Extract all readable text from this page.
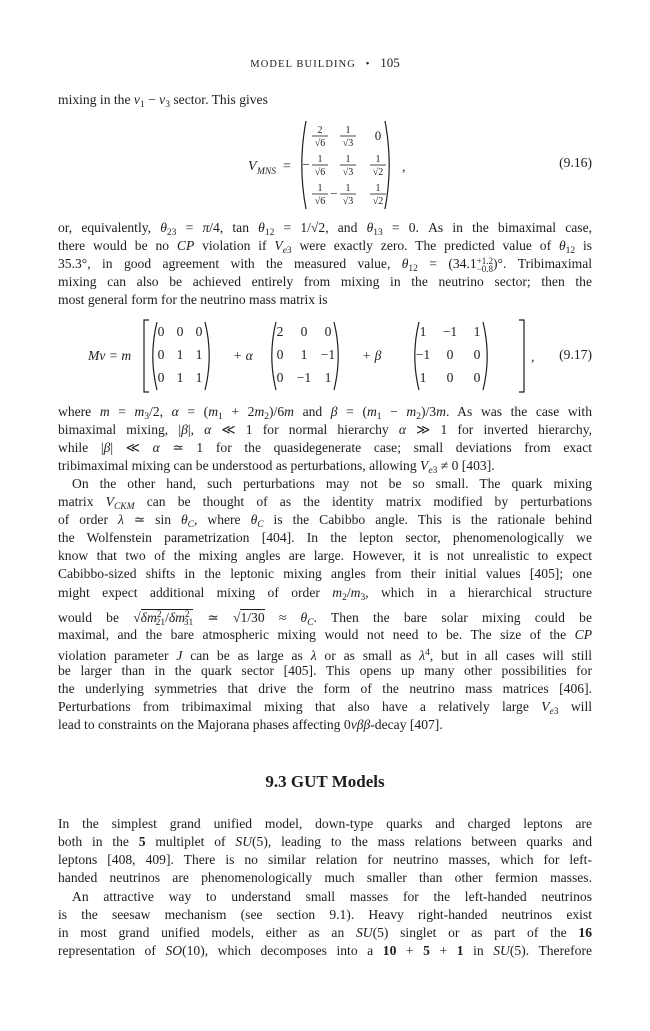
MODEL BUILDING • 105
mixing in the $\nu_1 - \nu_3$ sector. This gives
V MNS =	,
2
√6
1
√3
0
− 1
√6
1
√3
1
√2
1
√6
− 1
√3
1
√2
(9.16)
or, equivalently, $\theta_{23} = \pi/4$, $\tan \theta_{12} = 1/√2$, and $\theta_{13} = 0$. As in the bimaximal case,
there would be no CP violation if $V_{e3}$ were exactly zero. The predicted value of $\theta_{12}$ is
35.3°, in good agreement with the measured value, $\theta_{12} = (34.1+1.2$
−0.8)°. Tribimaximal
mixing can also be achieved entirely from mixing in the neutrino sector; then the
most general form for the neutrino mass matrix is
Mν = m	,
0 0 0
0 1 1
0 1 1
+ α
2 0 0
0 1 −1
0 −1 1
+ β
1 −1 1
−1 0 0
1 0 0
(9.17)
where $m = m_3/2$, $\alpha = (m_1 + 2m_2)/6m$ and $\beta = (m_1 - m_2)/3m$. As was the case with
bimaximal mixing, |β|, α ≪ 1 for normal hierarchy α ≫ 1 for inverted hierarchy,
while |β| ≪ α ≃ 1 for the quasidegenerate case; small deviations from exact
tribimaximal mixing can be understood as perturbations, allowing $V_{e3} \ne 0$ [403].
On the other hand, such perturbations may not be so small. The quark mixing
matrix $V_{CKM}$ can be thought of as the identity matrix modified by perturbations
of order λ ≃ $\sin \theta_C$, where $\theta_C$ is the Cabibbo angle. This is the rationale behind
the Wolfenstein parametrization [404]. In the lepton sector, phenomenologically we
know that two of the mixing angles are large. However, it is not unrealistic to expect
Cabibbo-sized shifts in the leptonic mixing angles from their initial values [405]; one
might expect additional mixing of order $m_2/m_3$, which in a hierarchical structure
would be $√\delta m^2_{21}/\delta m^2_{31}$ ≃ $√1/30 \approx \theta_C$. Then the bare solar mixing could be
maximal, and the bare atmospheric mixing would not need to be. The size of the CP
violation parameter J can be as large as λ or as small as $\lambda^4$, but in all cases will still
be larger than in the quark sector [405]. This opens up many other possibilities for
the underlying symmetries that drive the form of the neutrino mass matrices [406].
Perturbations from tribimaximal mixing that also have a relatively large $V_{e3}$ will
lead to constraints on the Majorana phases affecting 0νββ-decay [407].
9.3 GUT Models
In the simplest grand unified model, down-type quarks and charged leptons are
both in the 5 multiplet of SU(5), leading to the mass relations between quarks and
leptons [408, 409]. There is no similar relation for neutrino masses, which for left-
handed neutrinos are phenomenologically much smaller than other fermion masses.
An attractive way to understand small masses for the left-handed neutrinos
is the seesaw mechanism (see section 9.1). Heavy right-handed neutrinos exist
in most grand unified models, either as an SU(5) singlet or as part of the 16
representation of SO(10), which decomposes into a 10 + 5 + 1 in SU(5). Therefore
